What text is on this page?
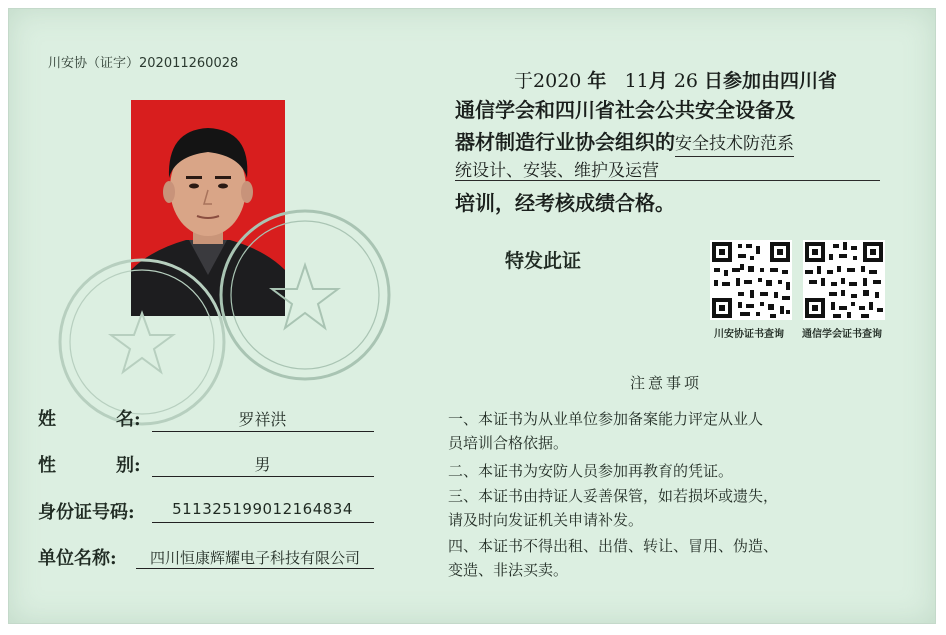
川安协（证字）202011260028
于2020 年 11月 26 日参加由四川省
通信学会和四川省社会公共安全设备及
器材制造行业协会组织的安全技术防范系
统设计、安装、维护及运营
培训，经考核成绩合格。
特发此证
川安协证书查询 通信学会证书查询
注意事项
一、本证书为从业单位参加备案能力评定从业人
员培训合格依据。
二、本证书为安防人员参加再教育的凭证。
三、本证书由持证人妥善保管，如若损坏或遗失，
请及时向发证机关申请补发。
四、本证书不得出租、出借、转让、冒用、伪造、
变造、非法买卖。
姓	名:	罗祥洪
性	别:	男
身份证号码:	511325199012164834
单位名称:	四川恒康辉耀电子科技有限公司
